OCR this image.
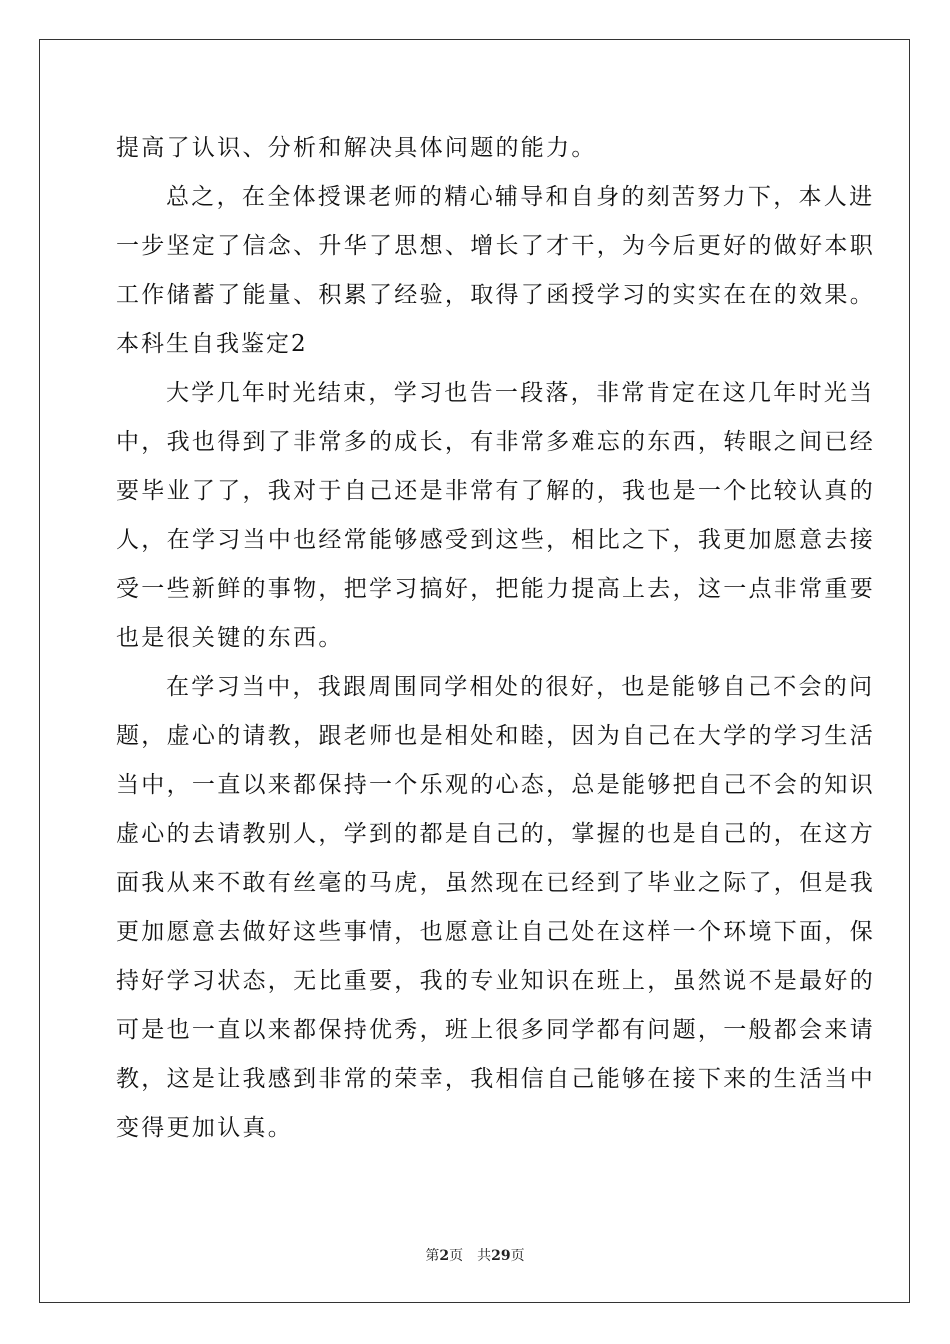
提高了认识、分析和解决具体问题的能力。
总之，在全体授课老师的精心辅导和自身的刻苦努力下，本人进
一步坚定了信念、升华了思想、增长了才干，为今后更好的做好本职
工作储蓄了能量、积累了经验，取得了函授学习的实实在在的效果。
本科生自我鉴定2
大学几年时光结束，学习也告一段落，非常肯定在这几年时光当
中，我也得到了非常多的成长，有非常多难忘的东西，转眼之间已经
要毕业了了，我对于自己还是非常有了解的，我也是一个比较认真的
人，在学习当中也经常能够感受到这些，相比之下，我更加愿意去接
受一些新鲜的事物，把学习搞好，把能力提高上去，这一点非常重要
也是很关键的东西。
在学习当中，我跟周围同学相处的很好，也是能够自己不会的问
题，虚心的请教，跟老师也是相处和睦，因为自己在大学的学习生活
当中，一直以来都保持一个乐观的心态，总是能够把自己不会的知识
虚心的去请教别人，学到的都是自己的，掌握的也是自己的，在这方
面我从来不敢有丝毫的马虎，虽然现在已经到了毕业之际了，但是我
更加愿意去做好这些事情，也愿意让自己处在这样一个环境下面，保
持好学习状态，无比重要，我的专业知识在班上，虽然说不是最好的
可是也一直以来都保持优秀，班上很多同学都有问题，一般都会来请
教，这是让我感到非常的荣幸，我相信自己能够在接下来的生活当中
变得更加认真。
第2页 共29页
